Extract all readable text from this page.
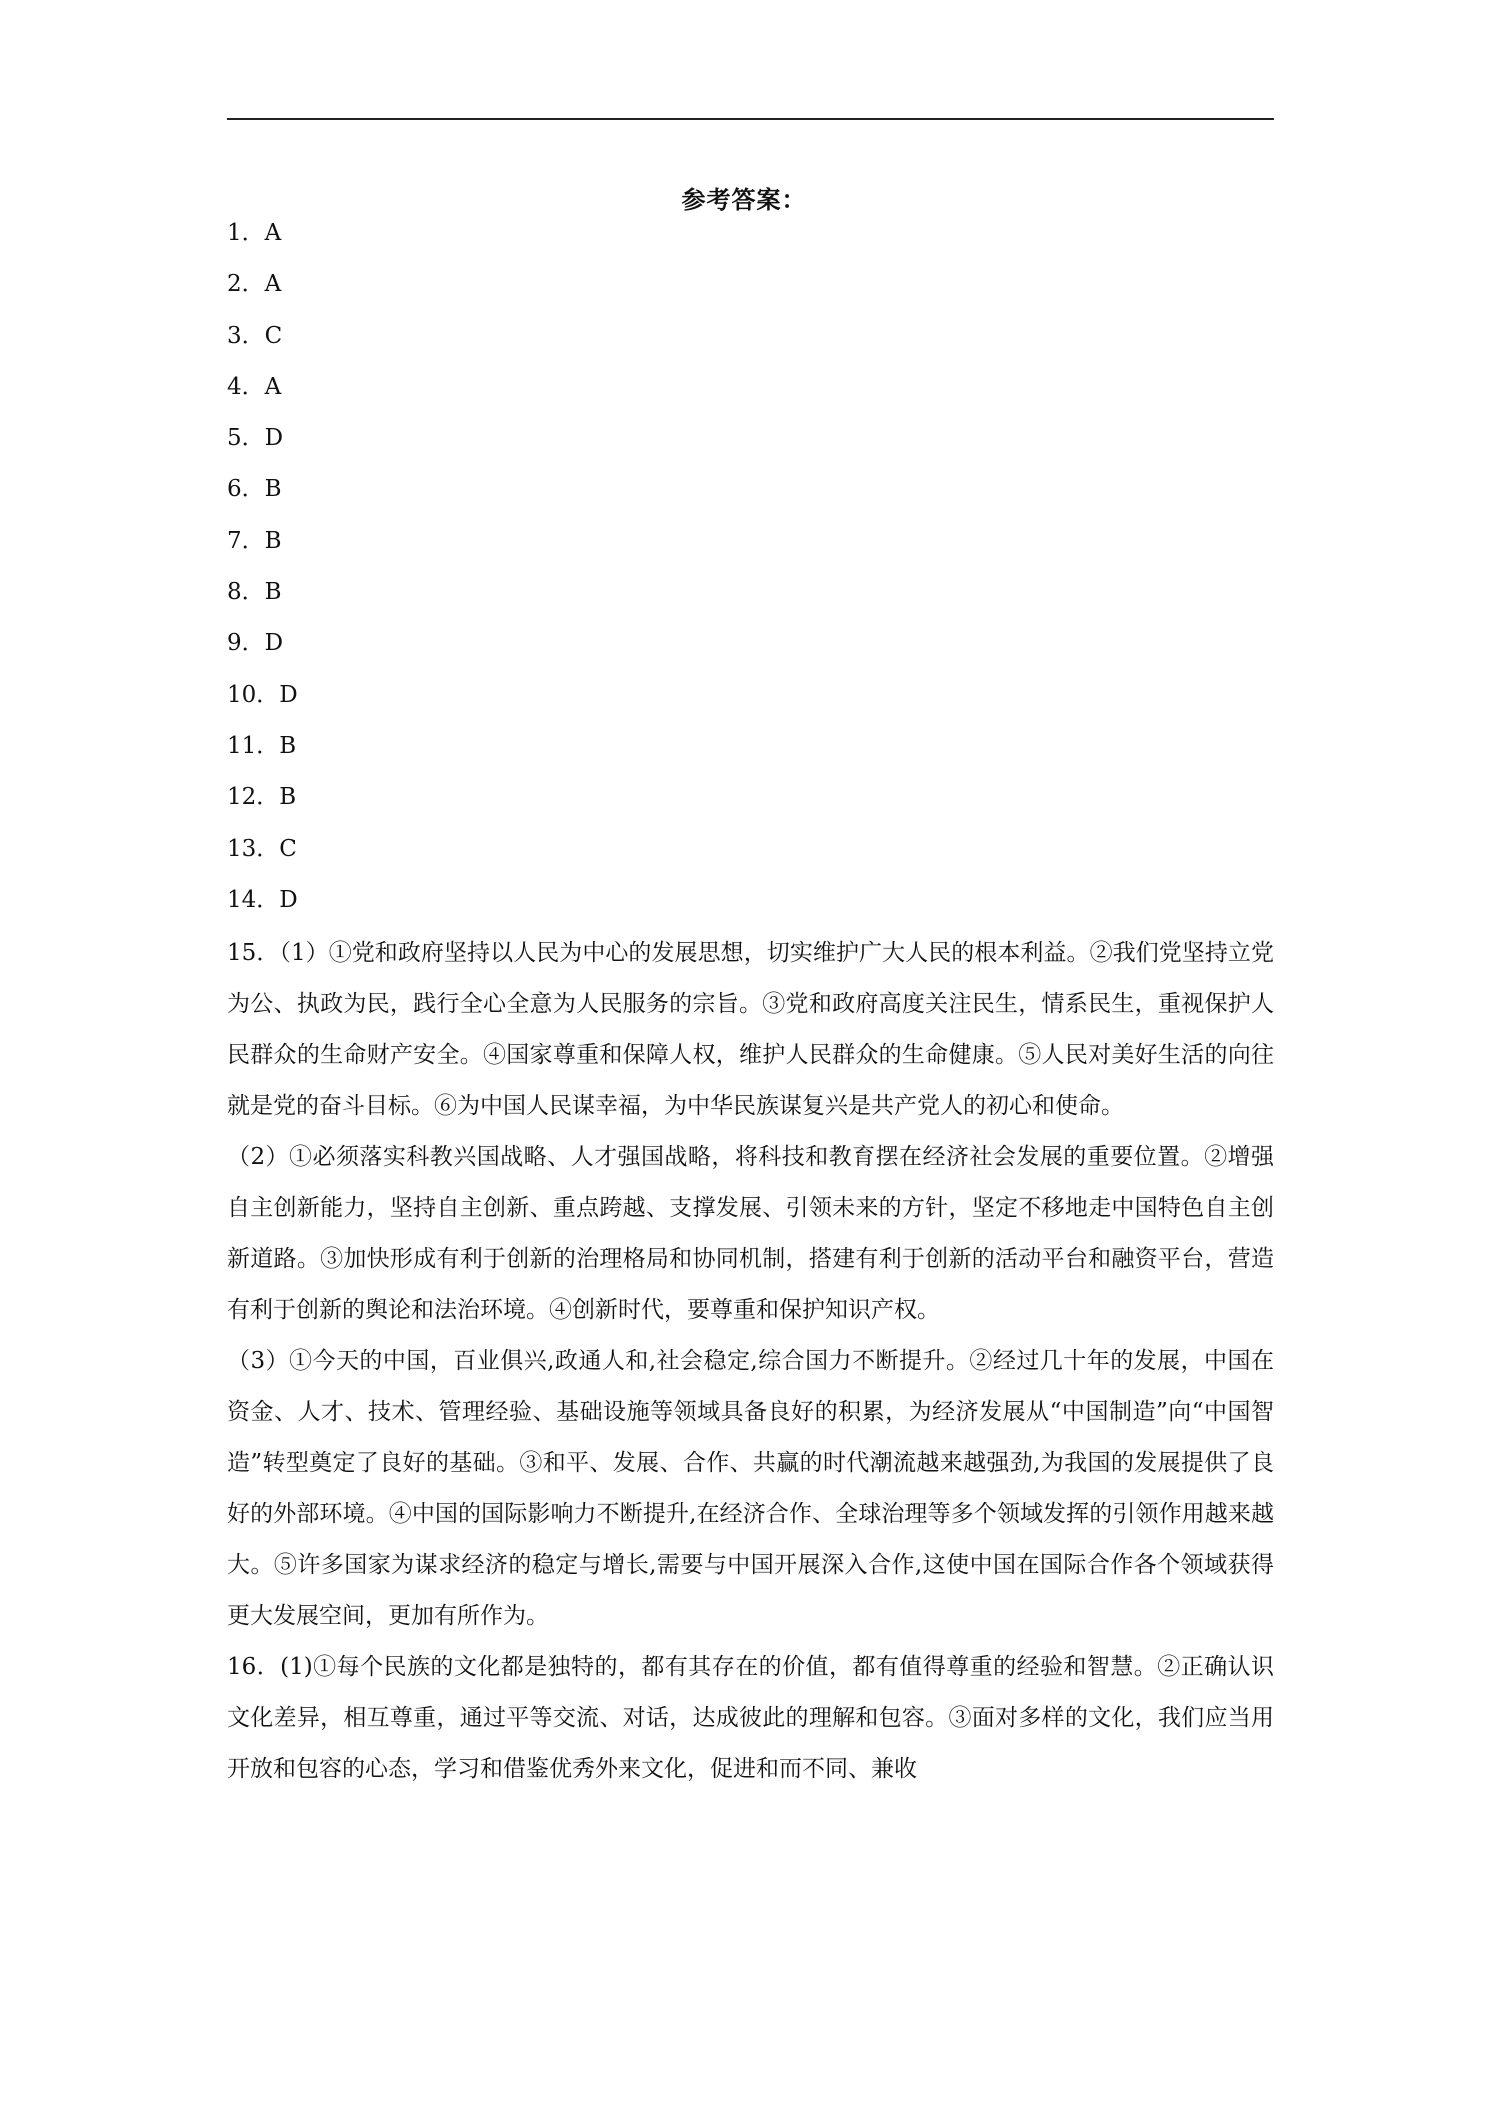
参考答案：
1．A
2．A
3．C
4．A
5．D
6．B
7．B
8．B
9．D
10．D
11．B
12．B
13．C
14．D

15．（1）①党和政府坚持以人民为中心的发展思想，切实维护广大人民的根本利益。②我们党坚持立党为公、执政为民，践行全心全意为人民服务的宗旨。③党和政府高度关注民生，情系民生，重视保护人民群众的生命财产安全。④国家尊重和保障人权，维护人民群众的生命健康。⑤人民对美好生活的向往就是党的奋斗目标。⑥为中国人民谋幸福，为中华民族谋复兴是共产党人的初心和使命。

（2）①必须落实科教兴国战略、人才强国战略，将科技和教育摆在经济社会发展的重要位置。②增强自主创新能力，坚持自主创新、重点跨越、支撑发展、引领未来的方针，坚定不移地走中国特色自主创新道路。③加快形成有利于创新的治理格局和协同机制，搭建有利于创新的活动平台和融资平台，营造有利于创新的舆论和法治环境。④创新时代，要尊重和保护知识产权。

（3）①今天的中国，百业俱兴,政通人和,社会稳定,综合国力不断提升。②经过几十年的发展，中国在资金、人才、技术、管理经验、基础设施等领域具备良好的积累，为经济发展从“中国制造”向“中国智造”转型奠定了良好的基础。③和平、发展、合作、共赢的时代潮流越来越强劲,为我国的发展提供了良好的外部环境。④中国的国际影响力不断提升,在经济合作、全球治理等多个领域发挥的引领作用越来越大。⑤许多国家为谋求经济的稳定与增长,需要与中国开展深入合作,这使中国在国际合作各个领域获得更大发展空间，更加有所作为。

16．(1)①每个民族的文化都是独特的，都有其存在的价值，都有值得尊重的经验和智慧。②正确认识文化差异，相互尊重，通过平等交流、对话，达成彼此的理解和包容。③面对多样的文化，我们应当用开放和包容的心态，学习和借鉴优秀外来文化，促进和而不同、兼收
